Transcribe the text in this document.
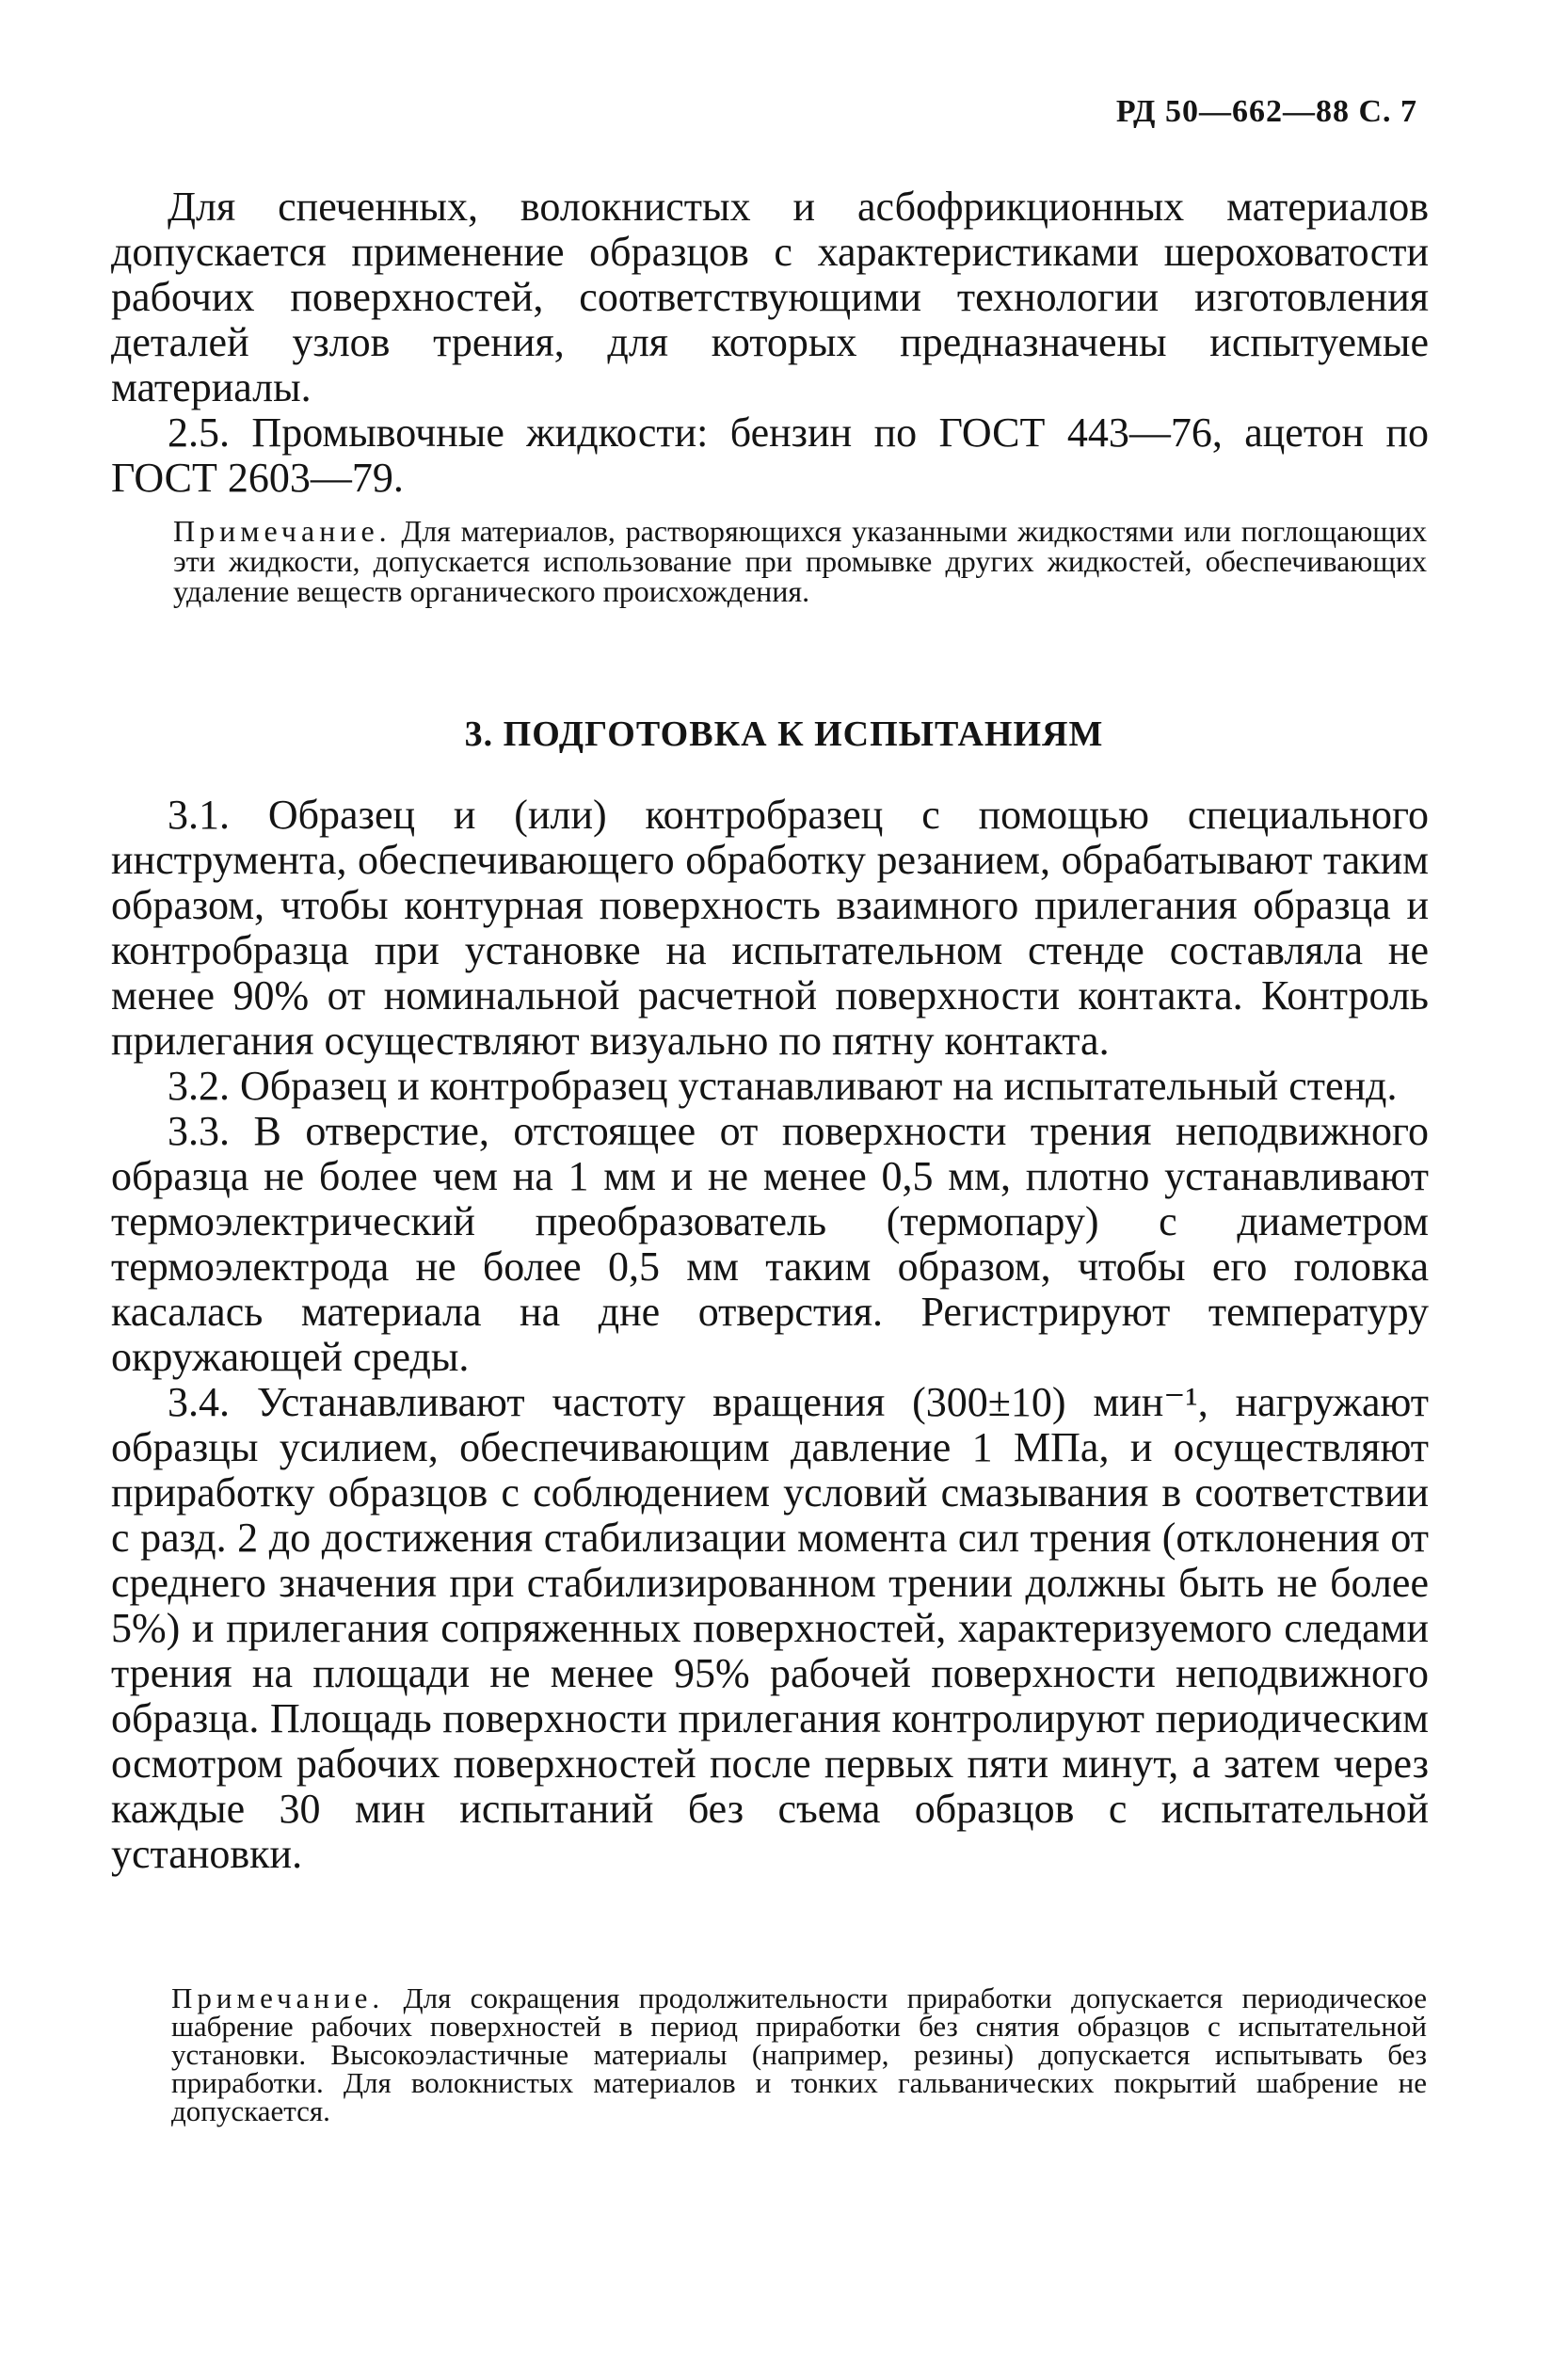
РД 50—662—88 С. 7

Для спеченных, волокнистых и асбофрикционных материалов допускается применение образцов с характеристиками шероховатости рабочих поверхностей, соответствующими технологии изготовления деталей узлов трения, для которых предназначены испытуемые материалы.

2.5. Промывочные жидкости: бензин по ГОСТ 443—76, ацетон по ГОСТ 2603—79.

Примечание. Для материалов, растворяющихся указанными жидкостями или поглощающих эти жидкости, допускается использование при промывке других жидкостей, обеспечивающих удаление веществ органического происхождения.

3. ПОДГОТОВКА К ИСПЫТАНИЯМ

3.1. Образец и (или) контробразец с помощью специального инструмента, обеспечивающего обработку резанием, обрабатывают таким образом, чтобы контурная поверхность взаимного прилегания образца и контробразца при установке на испытательном стенде составляла не менее 90% от номинальной расчетной поверхности контакта. Контроль прилегания осуществляют визуально по пятну контакта.

3.2. Образец и контробразец устанавливают на испытательный стенд.

3.3. В отверстие, отстоящее от поверхности трения неподвижного образца не более чем на 1 мм и не менее 0,5 мм, плотно устанавливают термоэлектрический преобразователь (термопару) с диаметром термоэлектрода не более 0,5 мм таким образом, чтобы его головка касалась материала на дне отверстия. Регистрируют температуру окружающей среды.

3.4. Устанавливают частоту вращения (300±10) мин⁻¹, нагружают образцы усилием, обеспечивающим давление 1 МПа, и осуществляют приработку образцов с соблюдением условий смазывания в соответствии с разд. 2 до достижения стабилизации момента сил трения (отклонения от среднего значения при стабилизированном трении должны быть не более 5%) и прилегания сопряженных поверхностей, характеризуемого следами трения на площади не менее 95% рабочей поверхности неподвижного образца. Площадь поверхности прилегания контролируют периодическим осмотром рабочих поверхностей после первых пяти минут, а затем через каждые 30 мин испытаний без съема образцов с испытательной установки.

Примечание. Для сокращения продолжительности приработки допускается периодическое шабрение рабочих поверхностей в период приработки без снятия образцов с испытательной установки. Высокоэластичные материалы (например, резины) допускается испытывать без приработки. Для волокнистых материалов и тонких гальванических покрытий шабрение не допускается.
